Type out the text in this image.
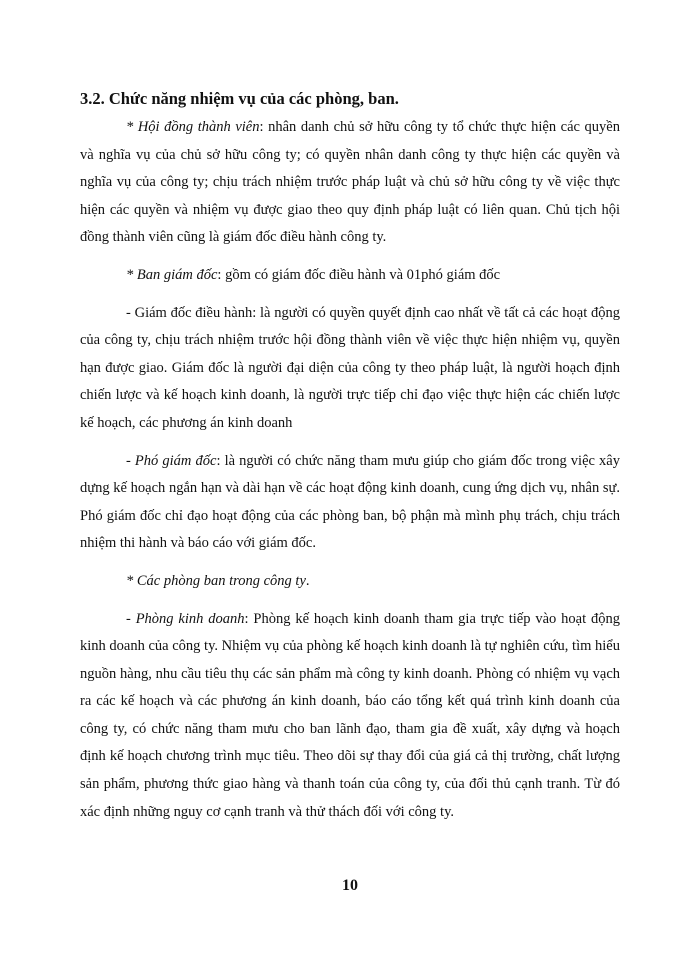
3.2. Chức năng nhiệm vụ của các phòng, ban.

* Hội đồng thành viên: nhân danh chủ sở hữu công ty tổ chức thực hiện các quyền và nghĩa vụ của chủ sở hữu công ty; có quyền nhân danh công ty thực hiện các quyền và nghĩa vụ của công ty; chịu trách nhiệm trước pháp luật và chủ sở hữu công ty về việc thực hiện các quyền và nhiệm vụ được giao theo quy định pháp luật có liên quan. Chủ tịch hội đồng thành viên cũng là giám đốc điều hành công ty.

* Ban giám đốc: gồm có giám đốc điều hành và 01phó giám đốc

- Giám đốc điều hành: là người có quyền quyết định cao nhất về tất cả các hoạt động của công ty, chịu trách nhiệm trước hội đồng thành viên về việc thực hiện nhiệm vụ, quyền hạn được giao. Giám đốc là người đại diện của công ty theo pháp luật, là người hoạch định chiến lược và kế hoạch kinh doanh, là người trực tiếp chỉ đạo việc thực hiện các chiến lược kế hoạch, các phương án kinh doanh

- Phó giám đốc: là người có chức năng tham mưu giúp cho giám đốc trong việc xây dựng kế hoạch ngắn hạn và dài hạn về các hoạt động kinh doanh, cung ứng dịch vụ, nhân sự. Phó giám đốc chỉ đạo hoạt động của các phòng ban, bộ phận mà mình phụ trách, chịu trách nhiệm thi hành và báo cáo với giám đốc.

* Các phòng ban trong công ty.

- Phòng kinh doanh: Phòng kế hoạch kinh doanh tham gia trực tiếp vào hoạt động kinh doanh của công ty. Nhiệm vụ của phòng kế hoạch kinh doanh là tự nghiên cứu, tìm hiểu nguồn hàng, nhu cầu tiêu thụ các sản phẩm mà công ty kinh doanh. Phòng có nhiệm vụ vạch ra các kế hoạch và các phương án kinh doanh, báo cáo tổng kết quá trình kinh doanh của công ty, có chức năng tham mưu cho ban lãnh đạo, tham gia đề xuất, xây dựng và hoạch định kế hoạch chương trình mục tiêu. Theo dõi sự thay đổi của giá cả thị trường, chất lượng sản phẩm, phương thức giao hàng và thanh toán của công ty, của đối thủ cạnh tranh. Từ đó xác định những nguy cơ cạnh tranh và thử thách đối với công ty.

10
